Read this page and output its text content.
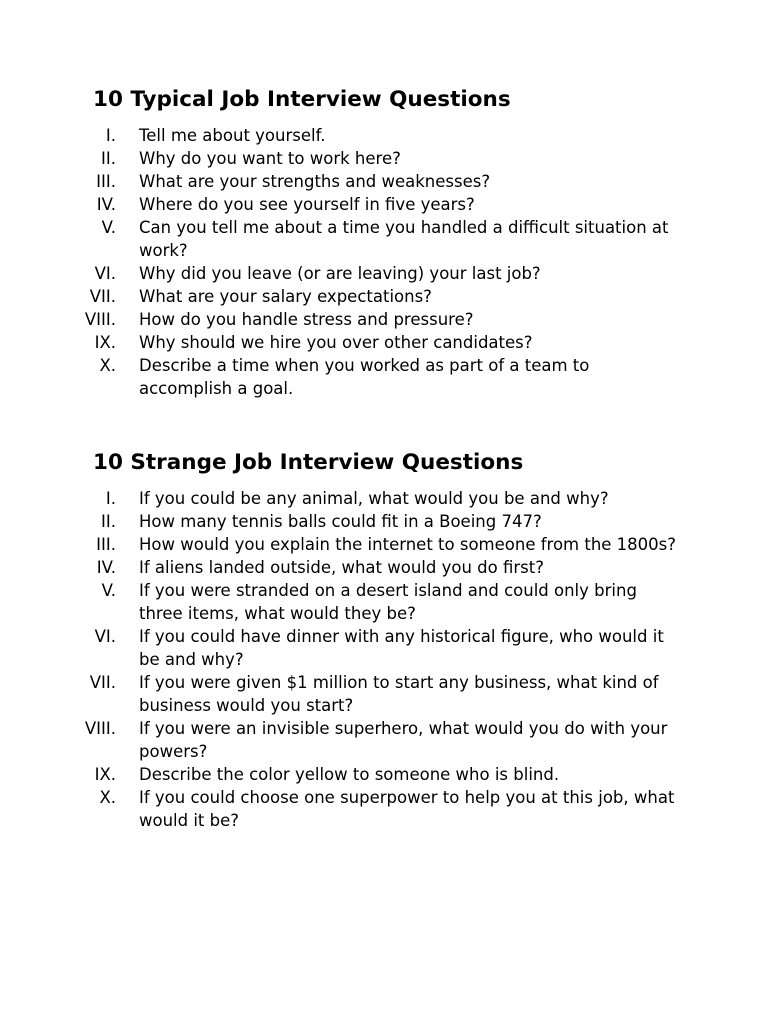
10 Typical Job Interview Questions
I. Tell me about yourself.
II. Why do you want to work here?
III. What are your strengths and weaknesses?
IV. Where do you see yourself in five years?
V. Can you tell me about a time you handled a difficult situation at work?
VI. Why did you leave (or are leaving) your last job?
VII. What are your salary expectations?
VIII. How do you handle stress and pressure?
IX. Why should we hire you over other candidates?
X. Describe a time when you worked as part of a team to accomplish a goal.
10 Strange Job Interview Questions
I. If you could be any animal, what would you be and why?
II. How many tennis balls could fit in a Boeing 747?
III. How would you explain the internet to someone from the 1800s?
IV. If aliens landed outside, what would you do first?
V. If you were stranded on a desert island and could only bring three items, what would they be?
VI. If you could have dinner with any historical figure, who would it be and why?
VII. If you were given $1 million to start any business, what kind of business would you start?
VIII. If you were an invisible superhero, what would you do with your powers?
IX. Describe the color yellow to someone who is blind.
X. If you could choose one superpower to help you at this job, what would it be?
